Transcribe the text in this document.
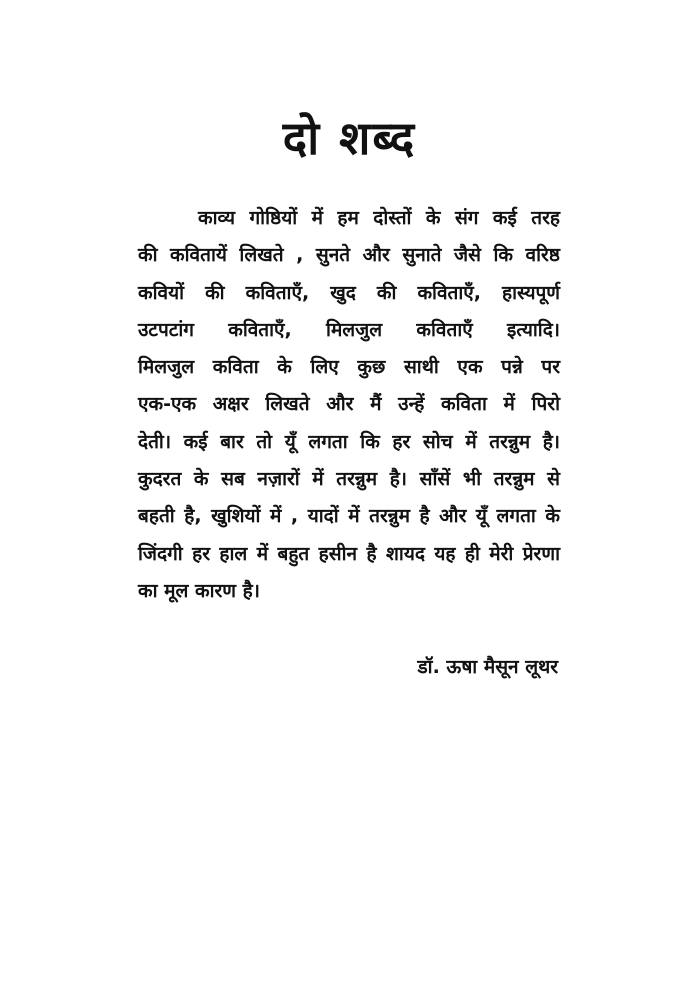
दो शब्द
काव्य गोष्ठियों में हम दोस्तों के संग कई तरह
की कवितायें लिखते , सुनते और सुनाते जैसे कि वरिष्ठ
कवियों की कविताएँ, खुद की कविताएँ, हास्यपूर्ण
उटपटांग कविताएँ, मिलजुल कविताएँ इत्यादि।
मिलजुल कविता के लिए कुछ साथी एक पन्ने पर
एक-एक अक्षर लिखते और मैं उन्हें कविता में पिरो
देती। कई बार तो यूँ लगता कि हर सोच में तरन्नुम है।
कुदरत के सब नज़ारों में तरन्नुम है। साँसें भी तरन्नुम से
बहती है, खुशियों में , यादों में तरन्नुम है और यूँ लगता के
जिंदगी हर हाल में बहुत हसीन है शायद यह ही मेरी प्रेरणा
का मूल कारण है।
डॉ. ऊषा मैसून लूथर
